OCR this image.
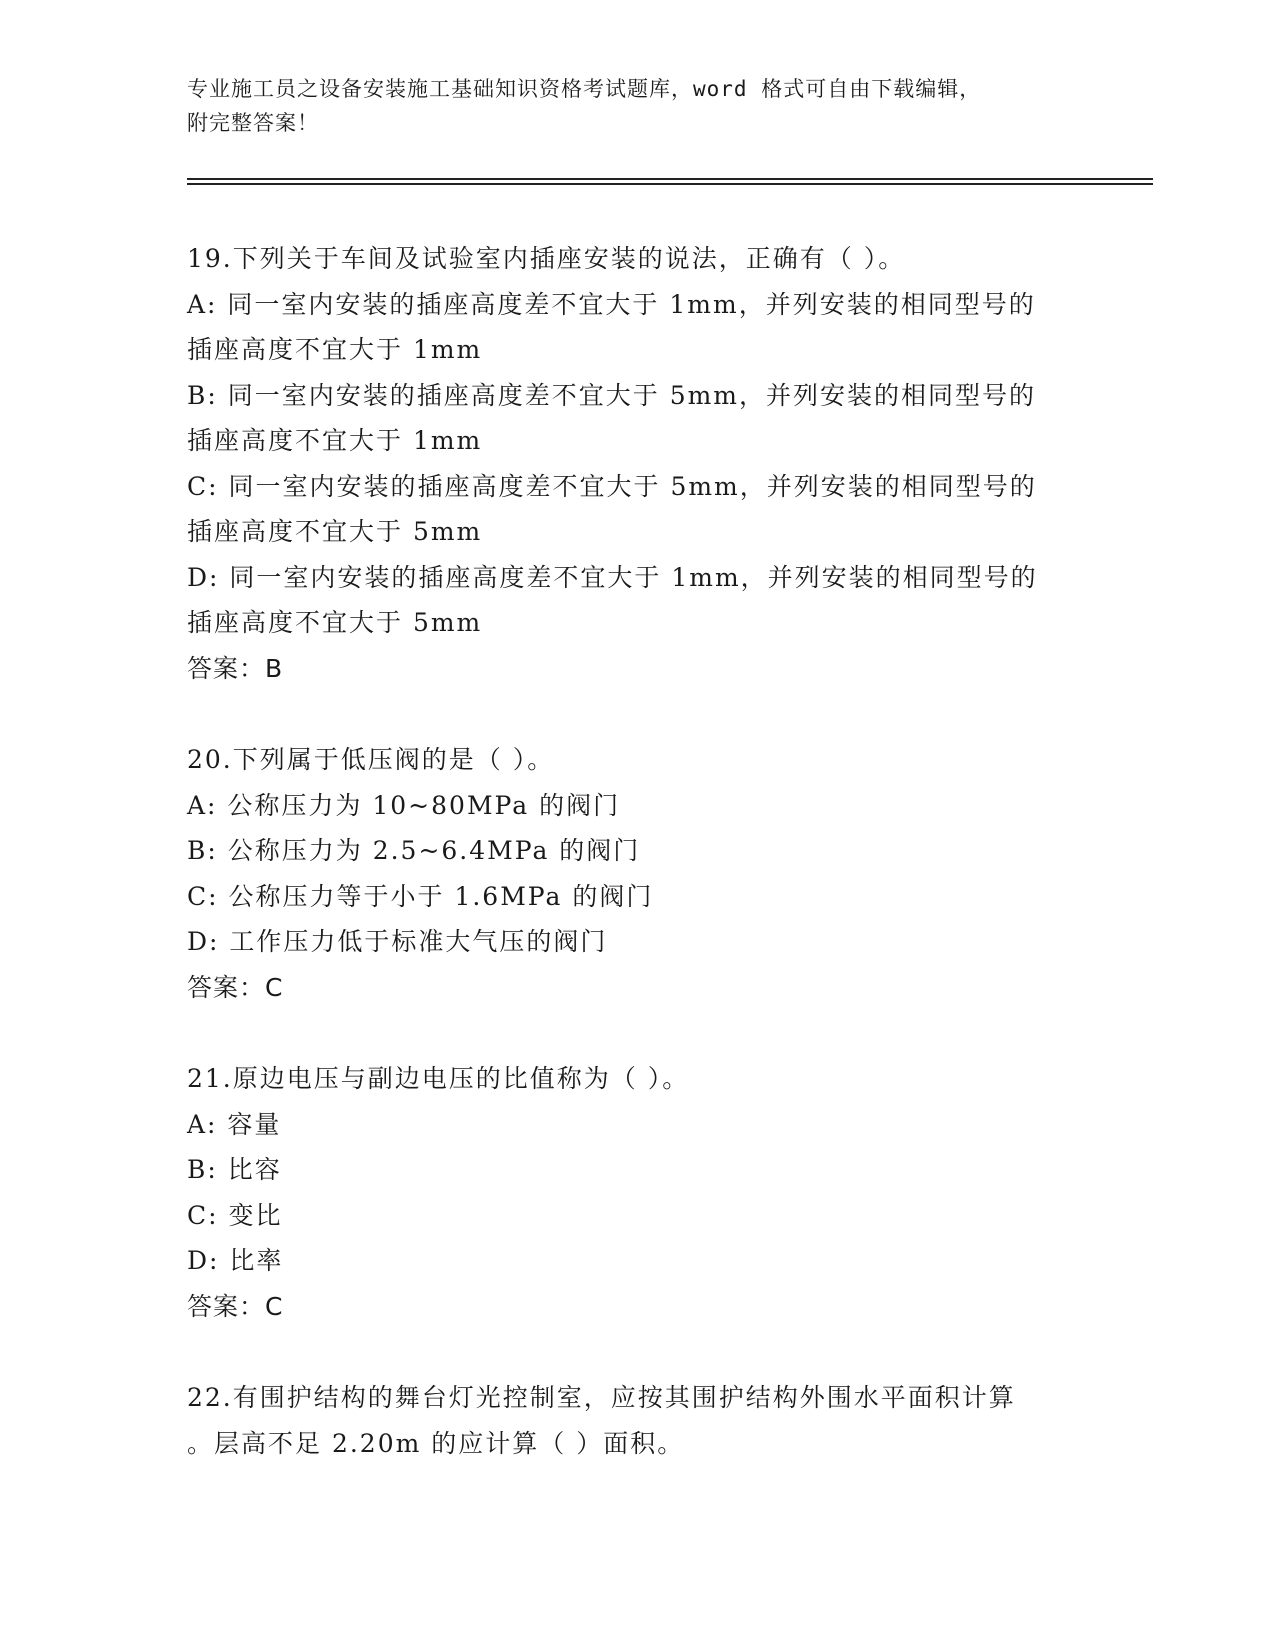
专业施工员之设备安装施工基础知识资格考试题库，word 格式可自由下载编辑，
附完整答案！
19.下列关于车间及试验室内插座安装的说法，正确有（ ）。
A: 同一室内安装的插座高度差不宜大于 1mm，并列安装的相同型号的
插座高度不宜大于 1mm
B: 同一室内安装的插座高度差不宜大于 5mm，并列安装的相同型号的
插座高度不宜大于 1mm
C: 同一室内安装的插座高度差不宜大于 5mm，并列安装的相同型号的
插座高度不宜大于 5mm
D: 同一室内安装的插座高度差不宜大于 1mm，并列安装的相同型号的
插座高度不宜大于 5mm
答案：B
20.下列属于低压阀的是（ ）。
A: 公称压力为 10~80MPa 的阀门
B: 公称压力为 2.5~6.4MPa 的阀门
C: 公称压力等于小于 1.6MPa 的阀门
D: 工作压力低于标准大气压的阀门
答案：C
21.原边电压与副边电压的比值称为（ ）。
A: 容量
B: 比容
C: 变比
D: 比率
答案：C
22.有围护结构的舞台灯光控制室，应按其围护结构外围水平面积计算
。层高不足 2.20m 的应计算（ ）面积。
